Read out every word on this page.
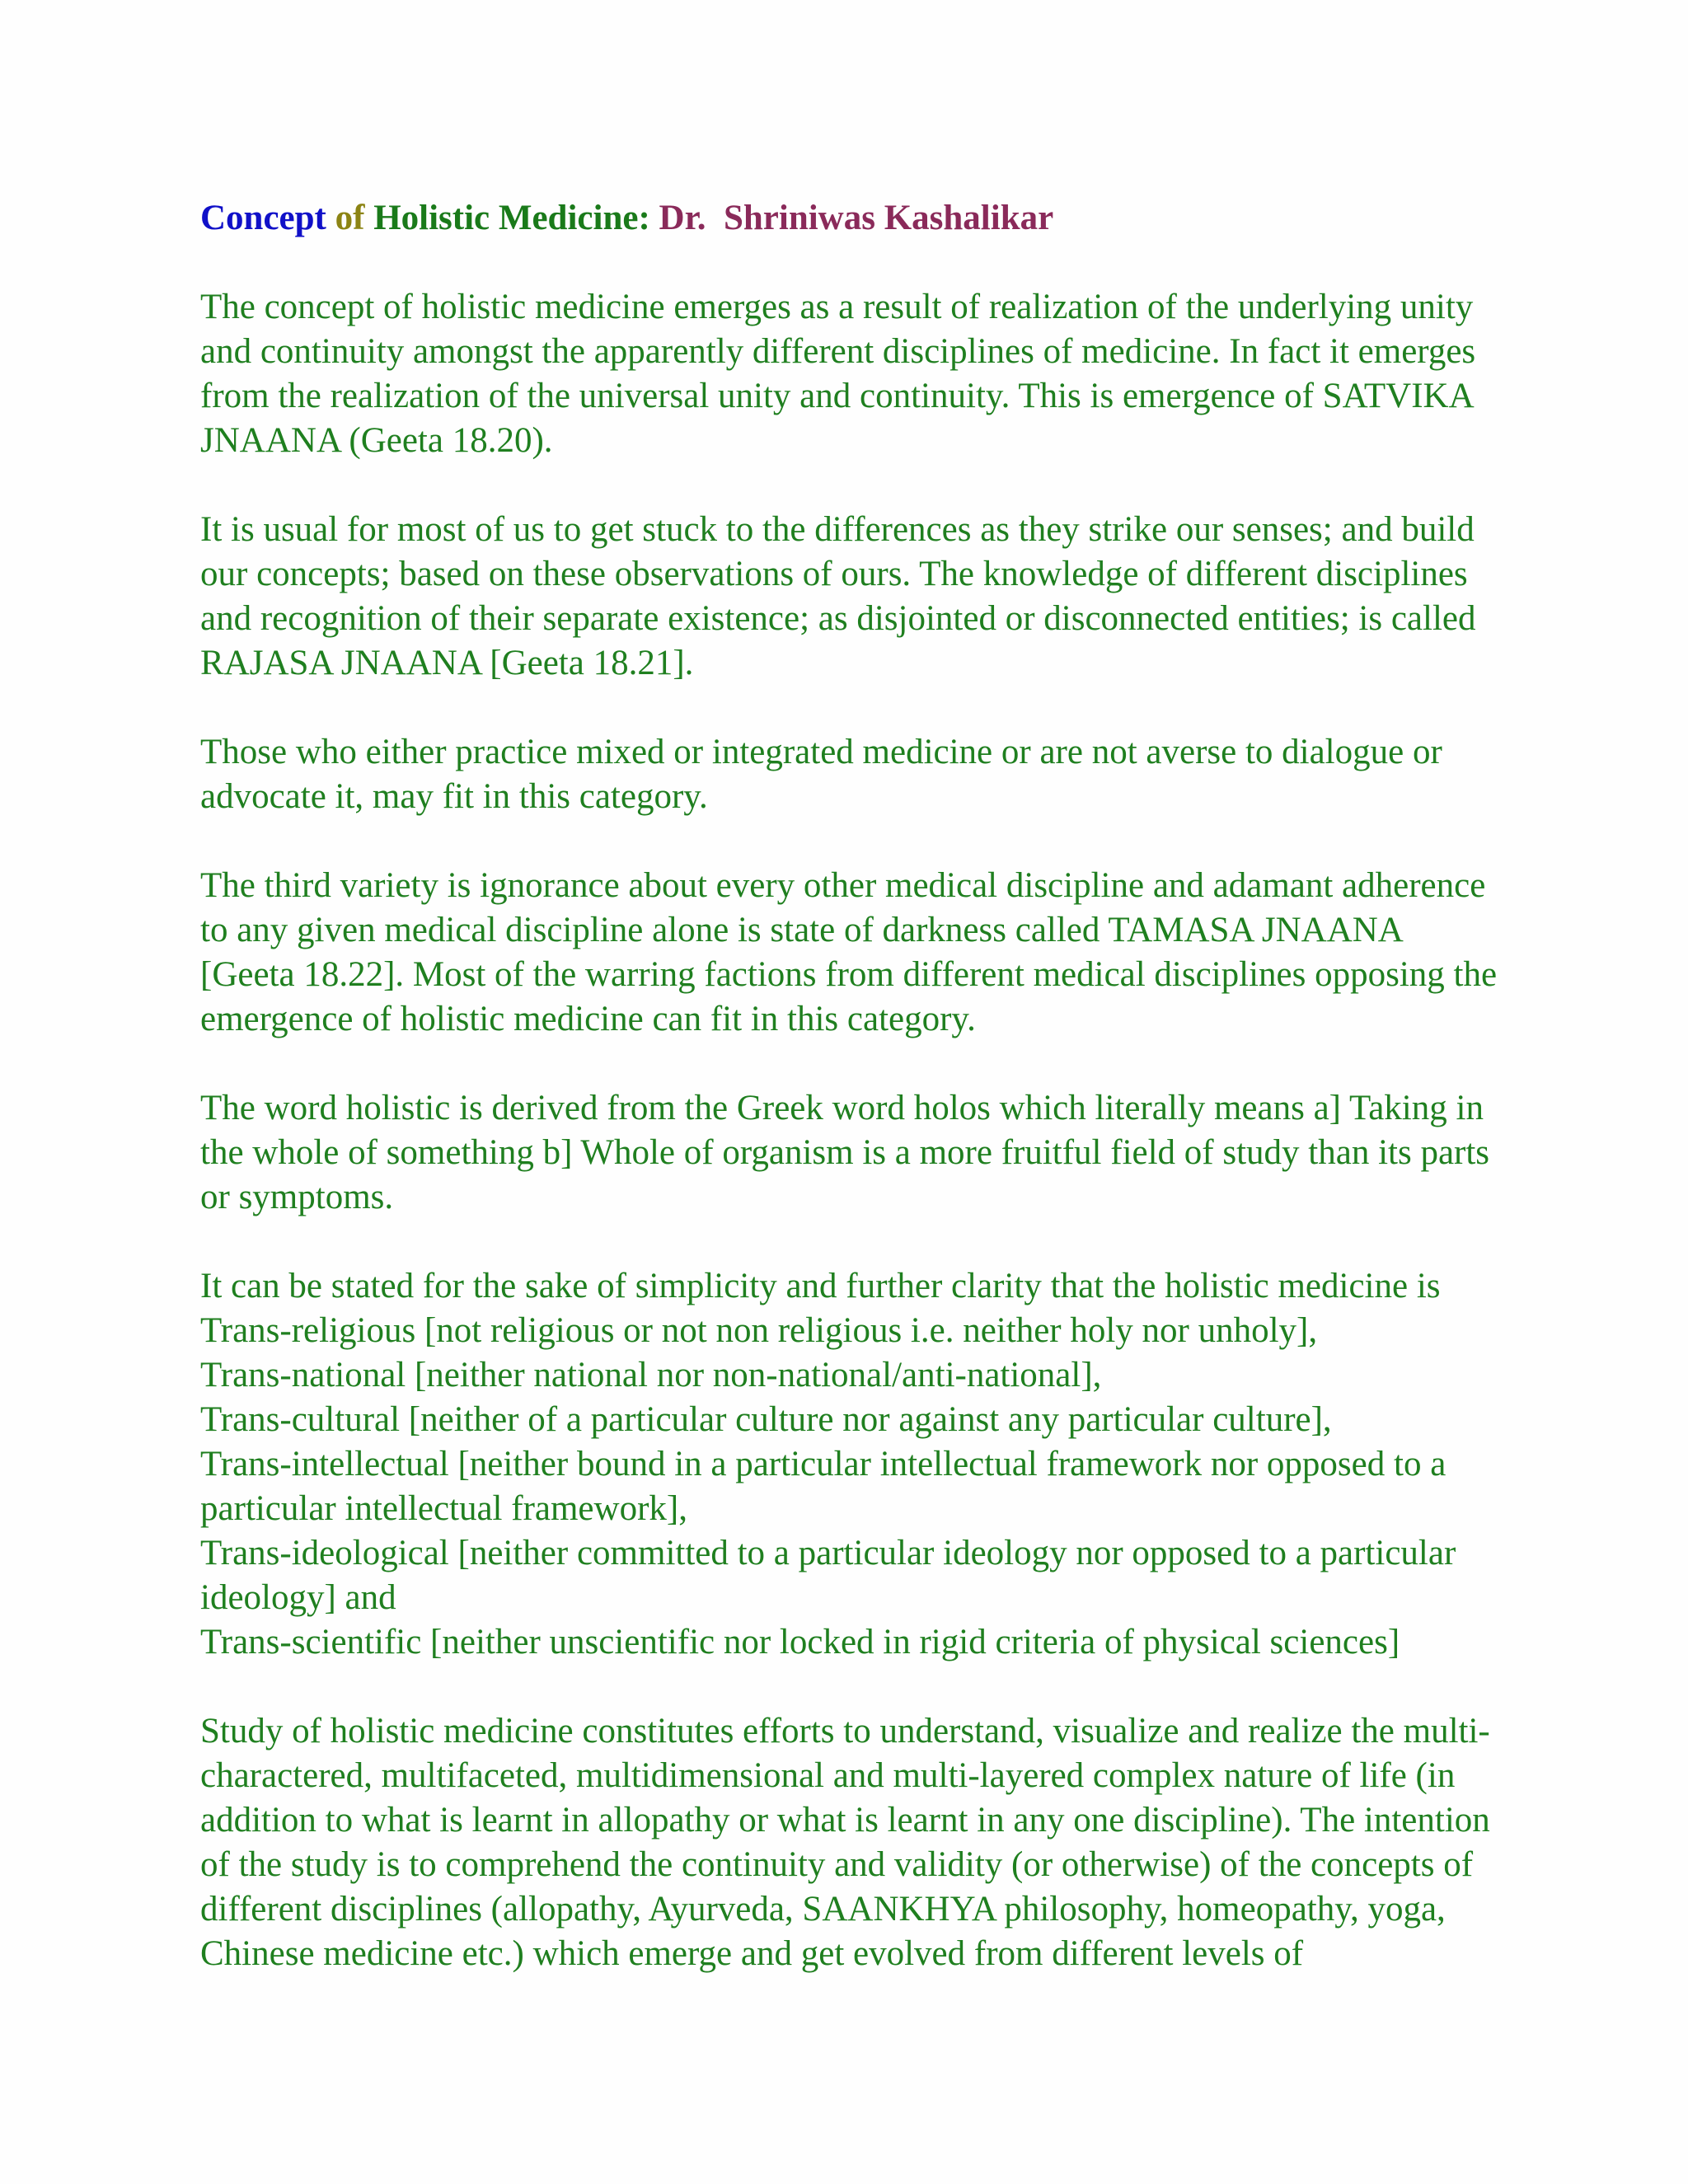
Concept of Holistic Medicine: Dr.  Shriniwas Kashalikar
The concept of holistic medicine emerges as a result of realization of the underlying unity
and continuity amongst the apparently different disciplines of medicine. In fact it emerges
from the realization of the universal unity and continuity. This is emergence of SATVIKA
JNAANA (Geeta 18.20).
It is usual for most of us to get stuck to the differences as they strike our senses; and build
our concepts; based on these observations of ours. The knowledge of different disciplines
and recognition of their separate existence; as disjointed or disconnected entities; is called
RAJASA JNAANA [Geeta 18.21].
Those who either practice mixed or integrated medicine or are not averse to dialogue or
advocate it, may fit in this category.
The third variety is ignorance about every other medical discipline and adamant adherence
to any given medical discipline alone is state of darkness called TAMASA JNAANA
[Geeta 18.22]. Most of the warring factions from different medical disciplines opposing the
emergence of holistic medicine can fit in this category.
The word holistic is derived from the Greek word holos which literally means a] Taking in
the whole of something b] Whole of organism is a more fruitful field of study than its parts
or symptoms.
It can be stated for the sake of simplicity and further clarity that the holistic medicine is
Trans-religious [not religious or not non religious i.e. neither holy nor unholy],
Trans-national [neither national nor non-national/anti-national],
Trans-cultural [neither of a particular culture nor against any particular culture],
Trans-intellectual [neither bound in a particular intellectual framework nor opposed to a
particular intellectual framework],
Trans-ideological [neither committed to a particular ideology nor opposed to a particular
ideology] and
Trans-scientific [neither unscientific nor locked in rigid criteria of physical sciences]
Study of holistic medicine constitutes efforts to understand, visualize and realize the multi-
charactered, multifaceted, multidimensional and multi-layered complex nature of life (in
addition to what is learnt in allopathy or what is learnt in any one discipline). The intention
of the study is to comprehend the continuity and validity (or otherwise) of the concepts of
different disciplines (allopathy, Ayurveda, SAANKHYA philosophy, homeopathy, yoga,
Chinese medicine etc.) which emerge and get evolved from different levels of
